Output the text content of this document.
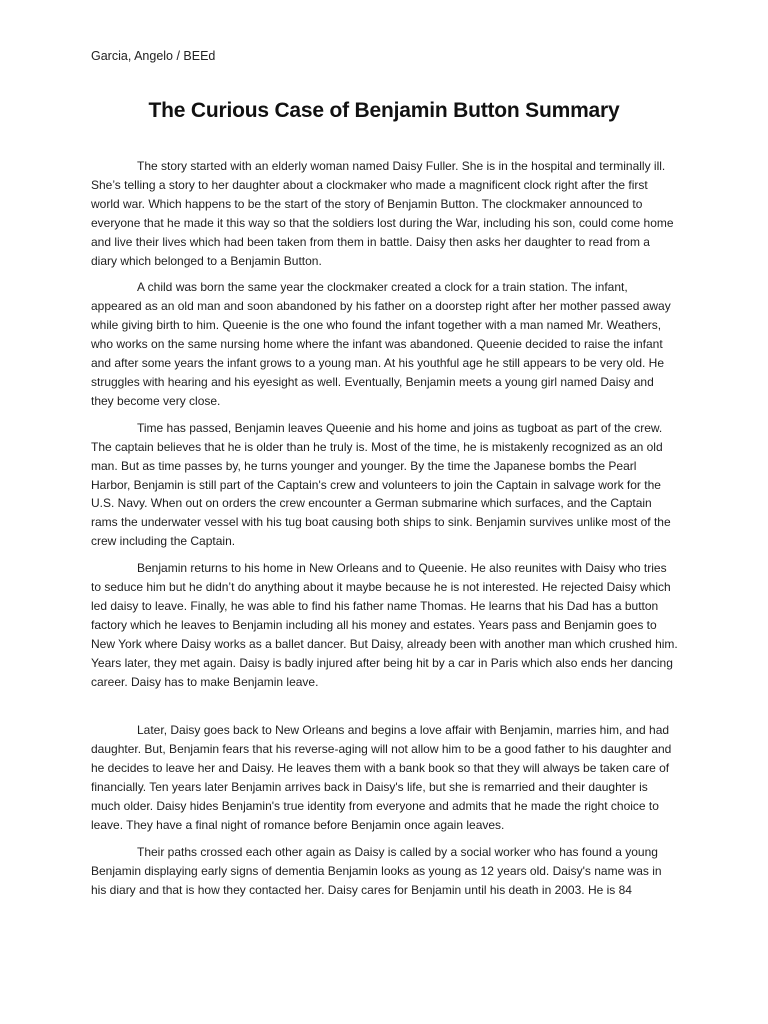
Garcia, Angelo / BEEd
The Curious Case of Benjamin Button Summary

The story started with an elderly woman named Daisy Fuller. She is in the hospital and terminally ill. She’s telling a story to her daughter about a clockmaker who made a magnificent clock right after the first world war. Which happens to be the start of the story of Benjamin Button. The clockmaker announced to everyone that he made it this way so that the soldiers lost during the War, including his son, could come home and live their lives which had been taken from them in battle. Daisy then asks her daughter to read from a diary which belonged to a Benjamin Button.

A child was born the same year the clockmaker created a clock for a train station. The infant, appeared as an old man and soon abandoned by his father on a doorstep right after her mother passed away while giving birth to him. Queenie is the one who found the infant together with a man named Mr. Weathers, who works on the same nursing home where the infant was abandoned. Queenie decided to raise the infant and after some years the infant grows to a young man. At his youthful age he still appears to be very old. He struggles with hearing and his eyesight as well. Eventually, Benjamin meets a young girl named Daisy and they become very close.

Time has passed, Benjamin leaves Queenie and his home and joins as tugboat as part of the crew. The captain believes that he is older than he truly is. Most of the time, he is mistakenly recognized as an old man. But as time passes by, he turns younger and younger. By the time the Japanese bombs the Pearl Harbor, Benjamin is still part of the Captain's crew and volunteers to join the Captain in salvage work for the U.S. Navy. When out on orders the crew encounter a German submarine which surfaces, and the Captain rams the underwater vessel with his tug boat causing both ships to sink. Benjamin survives unlike most of the crew including the Captain.

Benjamin returns to his home in New Orleans and to Queenie. He also reunites with Daisy who tries to seduce him but he didn’t do anything about it maybe because he is not interested. He rejected Daisy which led daisy to leave. Finally, he was able to find his father name Thomas. He learns that his Dad has a button factory which he leaves to Benjamin including all his money and estates. Years pass and Benjamin goes to New York where Daisy works as a ballet dancer. But Daisy, already been with another man which crushed him. Years later, they met again. Daisy is badly injured after being hit by a car in Paris which also ends her dancing career. Daisy has to make Benjamin leave.

Later, Daisy goes back to New Orleans and begins a love affair with Benjamin, marries him, and had daughter. But, Benjamin fears that his reverse-aging will not allow him to be a good father to his daughter and he decides to leave her and Daisy. He leaves them with a bank book so that they will always be taken care of financially. Ten years later Benjamin arrives back in Daisy's life, but she is remarried and their daughter is much older. Daisy hides Benjamin's true identity from everyone and admits that he made the right choice to leave. They have a final night of romance before Benjamin once again leaves.

Their paths crossed each other again as Daisy is called by a social worker who has found a young Benjamin displaying early signs of dementia Benjamin looks as young as 12 years old. Daisy's name was in his diary and that is how they contacted her. Daisy cares for Benjamin until his death in 2003. He is 84
